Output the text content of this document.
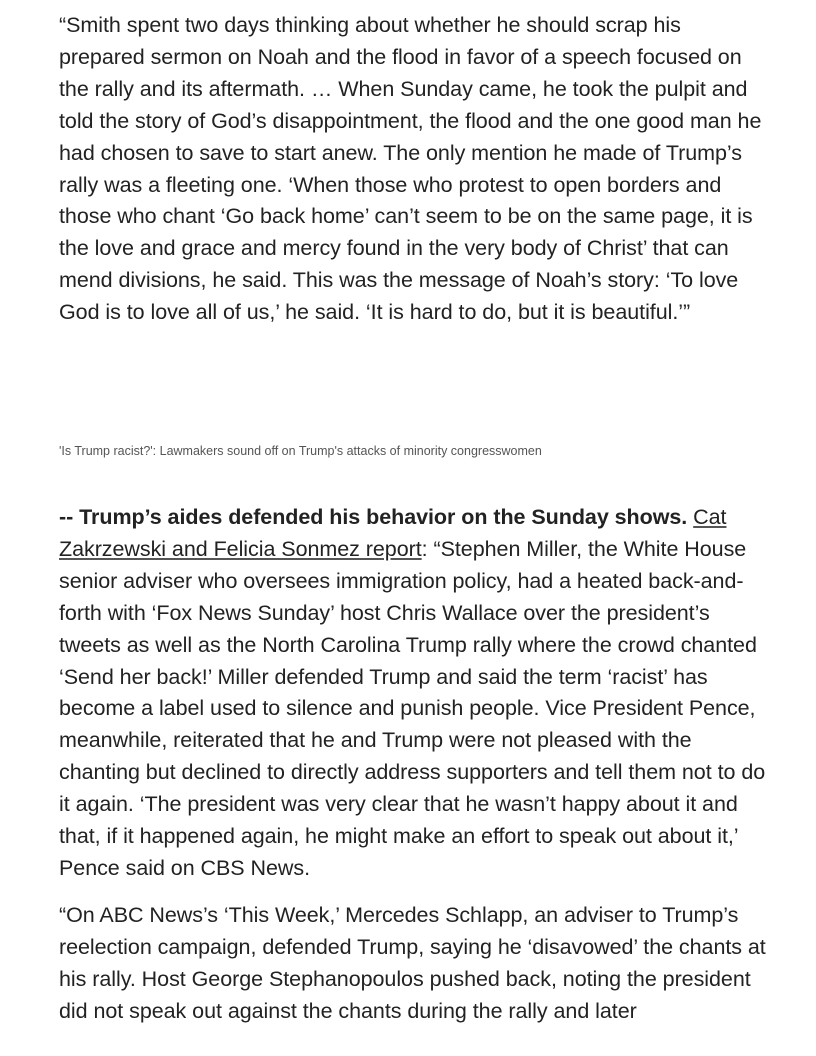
“Smith spent two days thinking about whether he should scrap his prepared sermon on Noah and the flood in favor of a speech focused on the rally and its aftermath. … When Sunday came, he took the pulpit and told the story of God’s disappointment, the flood and the one good man he had chosen to save to start anew. The only mention he made of Trump’s rally was a fleeting one. ‘When those who protest to open borders and those who chant ‘Go back home’ can’t seem to be on the same page, it is the love and grace and mercy found in the very body of Christ’ that can mend divisions, he said. This was the message of Noah’s story: ‘To love God is to love all of us,’ he said. ‘It is hard to do, but it is beautiful.’”

'Is Trump racist?': Lawmakers sound off on Trump's attacks of minority congresswomen

-- Trump’s aides defended his behavior on the Sunday shows. Cat Zakrzewski and Felicia Sonmez report: “Stephen Miller, the White House senior adviser who oversees immigration policy, had a heated back-and-forth with ‘Fox News Sunday’ host Chris Wallace over the president’s tweets as well as the North Carolina Trump rally where the crowd chanted ‘Send her back!’ Miller defended Trump and said the term ‘racist’ has become a label used to silence and punish people. Vice President Pence, meanwhile, reiterated that he and Trump were not pleased with the chanting but declined to directly address supporters and tell them not to do it again. ‘The president was very clear that he wasn’t happy about it and that, if it happened again, he might make an effort to speak out about it,’ Pence said on CBS News.

“On ABC News’s ‘This Week,’ Mercedes Schlapp, an adviser to Trump’s reelection campaign, defended Trump, saying he ‘disavowed’ the chants at his rally. Host George Stephanopoulos pushed back, noting the president did not speak out against the chants during the rally and later
